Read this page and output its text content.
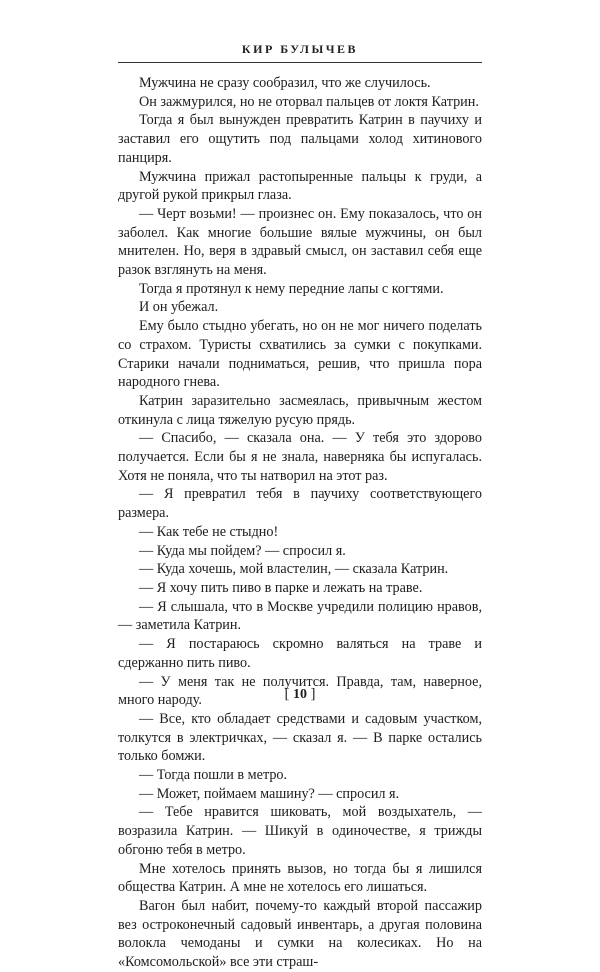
КИР БУЛЫЧЕВ

Мужчина не сразу сообразил, что же случилось.

Он зажмурился, но не оторвал пальцев от локтя Катрин.

Тогда я был вынужден превратить Катрин в паучиху и заставил его ощутить под пальцами холод хитинового панциря.

Мужчина прижал растопыренные пальцы к груди, а другой рукой прикрыл глаза.

— Черт возьми! — произнес он. Ему показалось, что он заболел. Как многие большие вялые мужчины, он был мнителен. Но, веря в здравый смысл, он заставил себя еще разок взглянуть на меня.

Тогда я протянул к нему передние лапы с когтями.

И он убежал.

Ему было стыдно убегать, но он не мог ничего поделать со страхом. Туристы схватились за сумки с покупками. Старики начали подниматься, решив, что пришла пора народного гнева.

Катрин заразительно засмеялась, привычным жестом откинула с лица тяжелую русую прядь.

— Спасибо, — сказала она. — У тебя это здорово получается. Если бы я не знала, наверняка бы испугалась. Хотя не поняла, что ты натворил на этот раз.

— Я превратил тебя в паучиху соответствующего размера.

— Как тебе не стыдно!

— Куда мы пойдем? — спросил я.

— Куда хочешь, мой властелин, — сказала Катрин.

— Я хочу пить пиво в парке и лежать на траве.

— Я слышала, что в Москве учредили полицию нравов, — заметила Катрин.

— Я постараюсь скромно валяться на траве и сдержанно пить пиво.

— У меня так не получится. Правда, там, наверное, много народу.

— Все, кто обладает средствами и садовым участком, толкутся в электричках, — сказал я. — В парке остались только бомжи.

— Тогда пошли в метро.

— Может, поймаем машину? — спросил я.

— Тебе нравится шиковать, мой воздыхатель, — возразила Катрин. — Шикуй в одиночестве, я трижды обгоню тебя в метро.

Мне хотелось принять вызов, но тогда бы я лишился общества Катрин. А мне не хотелось его лишаться.

Вагон был набит, почему-то каждый второй пассажир вез остроконечный садовый инвентарь, а другая половина волокла чемоданы и сумки на колесиках. Но на «Комсомольской» все эти страш-

[ 10 ]
